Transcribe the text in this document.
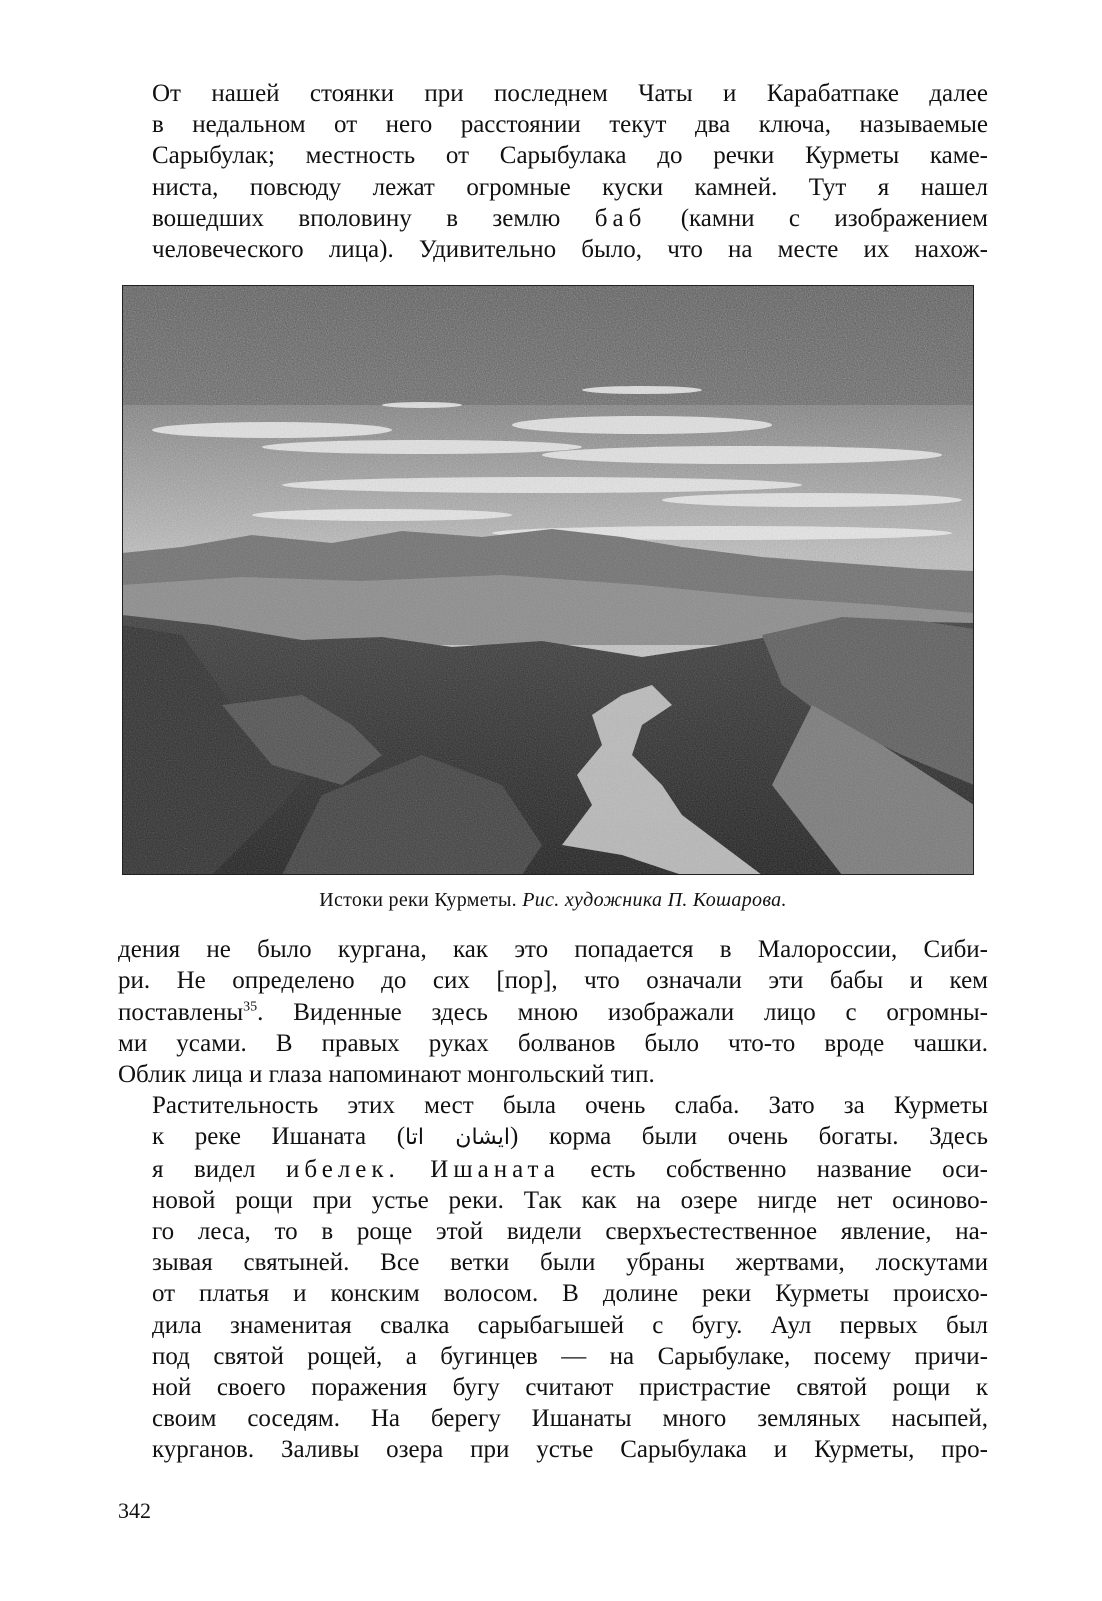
От нашей стоянки при последнем Чаты и Карабатпаке далее
в недальном от него расстоянии текут два ключа, называемые
Сарыбулак; местность от Сарыбулака до речки Курметы каме-
ниста, повсюду лежат огромные куски камней. Тут я нашел
вошедших вполовину в землю баб (камни с изображением
человеческого лица). Удивительно было, что на месте их нахож-

Истоки реки Курметы. Рис. художника П. Кошарова.

дения не было кургана, как это попадается в Малороссии, Сиби-
ри. Не определено до сих [пор], что означали эти бабы и кем
поставлены$^{35}$. Виденные здесь мною изображали лицо с огромны-
ми усами. В правых руках болванов было что-то вроде чашки.
Облик лица и глаза напоминают монгольский тип.

Растительность этих мест была очень слаба. Зато за Курметы
к реке Ишаната (ایشان اتا) корма были очень богаты. Здесь
я видел ибелек. Ишаната есть собственно название оси-
новой рощи при устье реки. Так как на озере нигде нет осиново-
го леса, то в роще этой видели сверхъестественное явление, на-
зывая святыней. Все ветки были убраны жертвами, лоскутами
от платья и конским волосом. В долине реки Курметы происхо-
дила знаменитая свалка сарыбагышей с бугу. Аул первых был
под святой рощей, а бугинцев — на Сарыбулаке, посему причи-
ной своего поражения бугу считают пристрастие святой рощи к
своим соседям. На берегу Ишанаты много земляных насыпей,
курганов. Заливы озера при устье Сарыбулака и Курметы, про-

342
